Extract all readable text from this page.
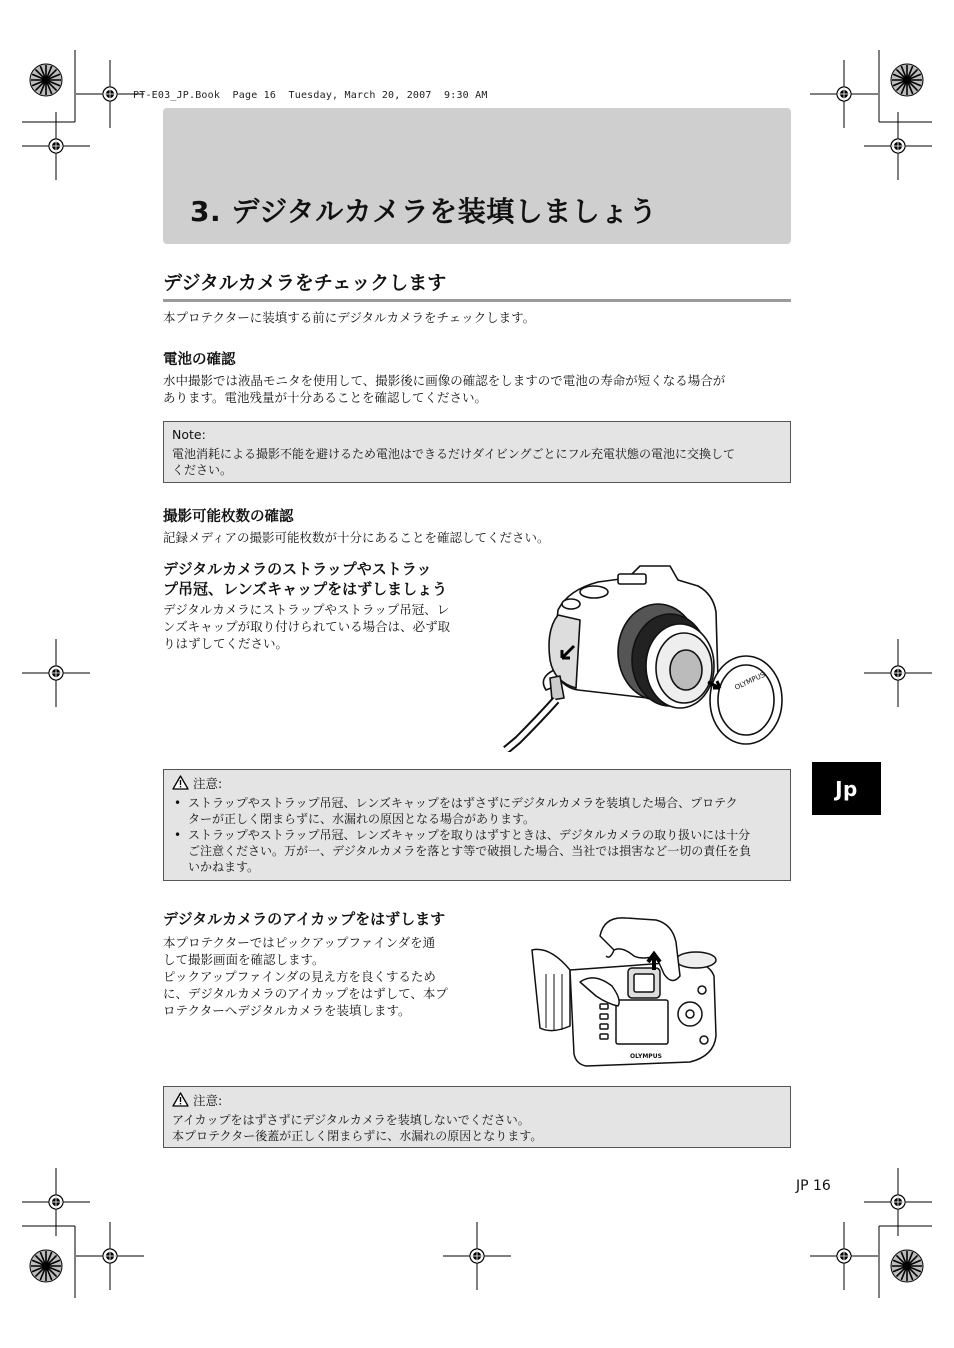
PT-E03_JP.Book  Page 16  Tuesday, March 20, 2007  9:30 AM
3. デジタルカメラを装填しましょう
デジタルカメラをチェックします
本プロテクターに装填する前にデジタルカメラをチェックします。
電池の確認
水中撮影では液晶モニタを使用して、撮影後に画像の確認をしますので電池の寿命が短くなる場合が
あります。電池残量が十分あることを確認してください。
Note:
電池消耗による撮影不能を避けるため電池はできるだけダイビングごとにフル充電状態の電池に交換して
ください。
撮影可能枚数の確認
記録メディアの撮影可能枚数が十分にあることを確認してください。
デジタルカメラのストラップやストラッ
プ吊冠、レンズキャップをはずしましょう
デジタルカメラにストラップやストラップ吊冠、レ
ンズキャップが取り付けられている場合は、必ず取
りはずしてください。
OLYMPUS
注意:
• ストラップやストラップ吊冠、レンズキャップをはずさずにデジタルカメラを装填した場合、プロテク
ターが正しく閉まらずに、水漏れの原因となる場合があります。
• ストラップやストラップ吊冠、レンズキャップを取りはずすときは、デジタルカメラの取り扱いには十分
ご注意ください。万が一、デジタルカメラを落とす等で破損した場合、当社では損害など一切の責任を負
いかねます。
Jp
デジタルカメラのアイカップをはずします
本プロテクターではピックアップファインダを通
して撮影画面を確認します。
ピックアップファインダの見え方を良くするため
に、デジタルカメラのアイカップをはずして、本プ
ロテクターへデジタルカメラを装填します。
OLYMPUS
注意:
アイカップをはずさずにデジタルカメラを装填しないでください。
本プロテクター後蓋が正しく閉まらずに、水漏れの原因となります。
JP 16
